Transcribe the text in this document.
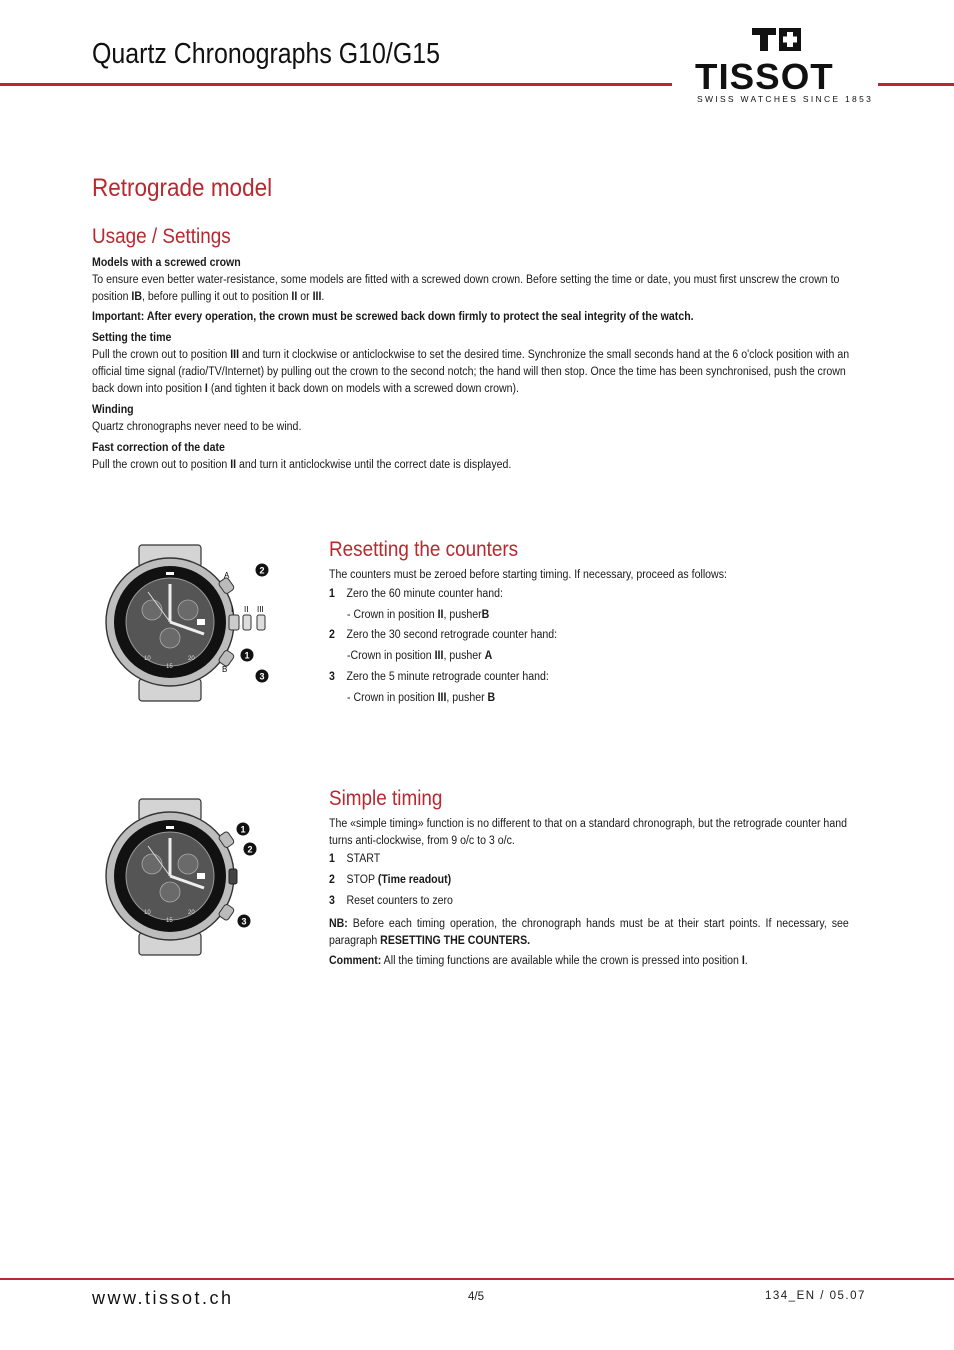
Quartz Chronographs G10/G15
TISSOT
SWISS WATCHES SINCE 1853
Retrograde model
Usage / Settings
Models with a screwed crown
To ensure even better water-resistance, some models are fitted with a screwed down crown. Before setting the time or date, you must first unscrew the crown to position IB, before pulling it out to position II or III.
Important: After every operation, the crown must be screwed back down firmly to protect the seal integrity of the watch.
Setting the time
Pull the crown out to position III and turn it clockwise or anticlockwise to set the desired time. Synchronize the small seconds hand at the 6 o'clock position with an official time signal (radio/TV/Internet) by pulling out the crown to the second notch; the hand will then stop. Once the time has been synchronised, push the crown back down into position I (and tighten it back down on models with a screwed down crown).
Winding
Quartz chronographs never need to be wind.
Fast correction of the date
Pull the crown out to position II and turn it anticlockwise until the correct date is displayed.
10
15
20
A
B
I II III
2
1
3
Resetting the counters
The counters must be zeroed before starting timing. If necessary, proceed as follows:
1 Zero the 60 minute counter hand:
- Crown in position II, pusherB
2 Zero the 30 second retrograde counter hand:
-Crown in position III, pusher A
3 Zero the 5 minute retrograde counter hand:
- Crown in position III, pusher B
10
15
20
1
2
3
Simple timing
The «simple timing» function is no different to that on a standard chronograph, but the retrograde counter hand turns anti-clockwise, from 9 o/c to 3 o/c.
1 START
2 STOP (Time readout)
3 Reset counters to zero
NB: Before each timing operation, the chronograph hands must be at their start points. If necessary, see paragraph RESETTING THE COUNTERS.
Comment: All the timing functions are available while the crown is pressed into position I.
www.tissot.ch	4/5	134_EN / 05.07
